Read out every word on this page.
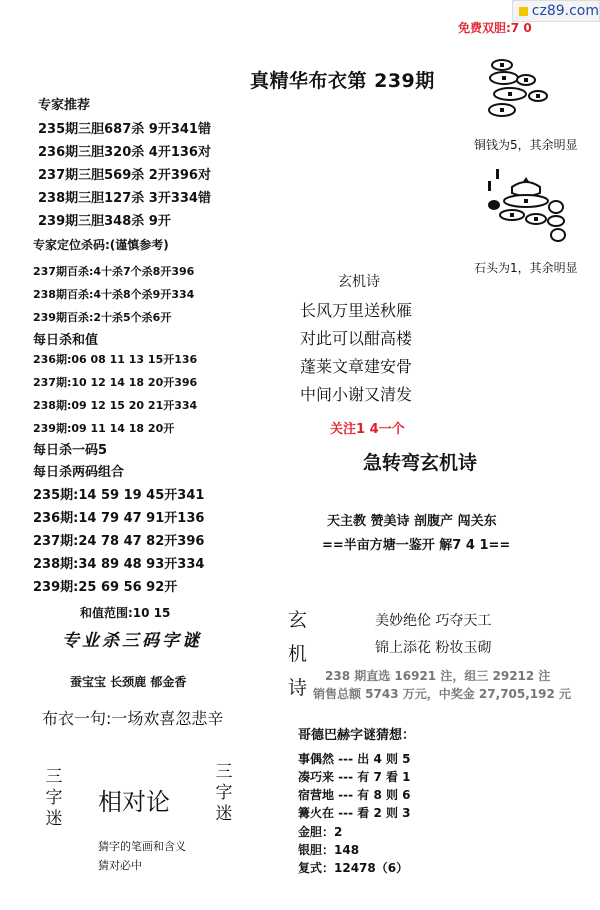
cz89.com
免费双胆:7 0
真精华布衣第 239期
铜钱为5，其余明显
石头为1，其余明显
专家推荐
235期三胆687杀 9开341错
236期三胆320杀 4开136对
237期三胆569杀 2开396对
238期三胆127杀 3开334错
239期三胆348杀 9开
专家定位杀码:(谨慎参考)
237期百杀:4十杀7个杀8开396
238期百杀:4十杀8个杀9开334
239期百杀:2十杀5个杀6开
每日杀和值
236期:06 08 11 13 15开136
237期:10 12 14 18 20开396
238期:09 12 15 20 21开334
239期:09 11 14 18 20开
每日杀一码5
每日杀两码组合
235期:14 59 19 45开341
236期:14 79 47 91开136
237期:24 78 47 82开396
238期:34 89 48 93开334
239期:25 69 56 92开
和值范围:10 15
专业杀三码字谜
蚕宝宝 长颈鹿 郁金香
布衣一句:一场欢喜忽悲辛
三
字
迷
相对论
三
字
迷
猜字的笔画和含义
猜对必中
玄机诗
长风万里送秋雁
对此可以酣高楼
蓬莱文章建安骨
中间小谢又清发
关注1 4一个
急转弯玄机诗
天主教 赞美诗 剖腹产 闯关东
==半亩方塘一鉴开 解7 4 1==
玄
机
诗
美妙绝伦 巧夺天工
锦上添花 粉妆玉砌
238 期直选 16921 注，组三 29212 注
销售总额 5743 万元，中奖金 27,705,192 元
哥德巴赫字谜猜想：
事偶然 --- 出 4 则 5
凑巧来 --- 有 7 看 1
宿营地 --- 有 8 则 6
篝火在 --- 看 2 则 3
金胆：2
银胆：148
复式：12478（6）
